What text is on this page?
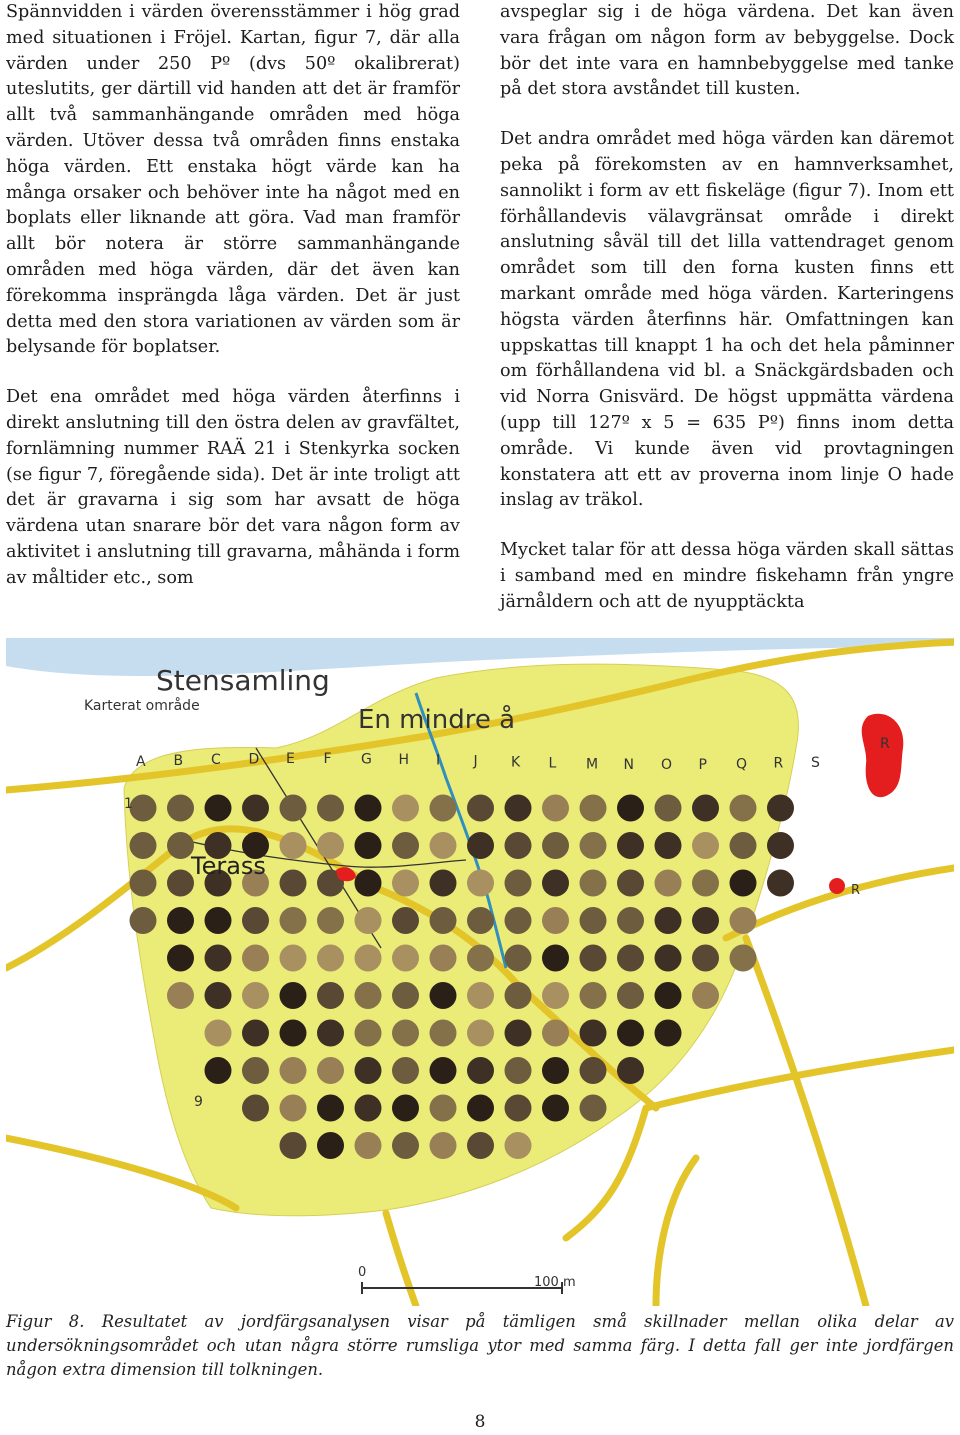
Spännvidden i värden överensstämmer i hög grad med situationen i Fröjel. Kartan, figur 7, där alla värden under 250 Pº (dvs 50º okalibrerat) uteslutits, ger därtill vid handen att det är framför allt två sammanhängande områden med höga värden. Utöver dessa två områden finns enstaka höga värden. Ett enstaka högt värde kan ha många orsaker och behöver inte ha något med en boplats eller liknande att göra. Vad man framför allt bör notera är större sammanhängande områden med höga värden, där det även kan förekomma insprängda låga värden. Det är just detta med den stora variationen av värden som är belysande för boplatser.

Det ena området med höga värden återfinns i direkt anslutning till den östra delen av gravfältet, fornlämning nummer RAÄ 21 i Stenkyrka socken (se figur 7, föregående sida). Det är inte troligt att det är gravarna i sig som har avsatt de höga värdena utan snarare bör det vara någon form av aktivitet i anslutning till gravarna, måhända i form av måltider etc., som

avspeglar sig i de höga värdena. Det kan även vara frågan om någon form av bebyggelse. Dock bör det inte vara en hamnbebyggelse med tanke på det stora avståndet till kusten.

Det andra området med höga värden kan däremot peka på förekomsten av en hamnverksamhet, sannolikt i form av ett fiskeläge (figur 7). Inom ett förhållandevis välavgränsat område i direkt anslutning såväl till det lilla vattendraget genom området som till den forna kusten finns ett markant område med höga värden. Karteringens högsta värden återfinns här. Omfattningen kan uppskattas till knappt 1 ha och det hela påminner om förhållandena vid bl. a Snäckgärdsbaden och vid Norra Gnisvärd. De högst uppmätta värdena (upp till 127º x 5 = 635 Pº) finns inom detta område. Vi kunde även vid provtagningen konstatera att ett av proverna inom linje O hade inslag av träkol.

Mycket talar för att dessa höga värden skall sättas i samband med en mindre fiskehamn från yngre järnåldern och att de nyupptäckta

Stensamling
Karterat område	En mindre å
Terass
R
R
1
9
A B C D E F G H I J K L M N O P Q R S
0
100 m
Figur 8. Resultatet av jordfärgsanalysen visar på tämligen små skillnader mellan olika delar av undersökningsområdet och utan några större rumsliga ytor med samma färg. I detta fall ger inte jordfärgen någon extra dimension till tolkningen.
8
